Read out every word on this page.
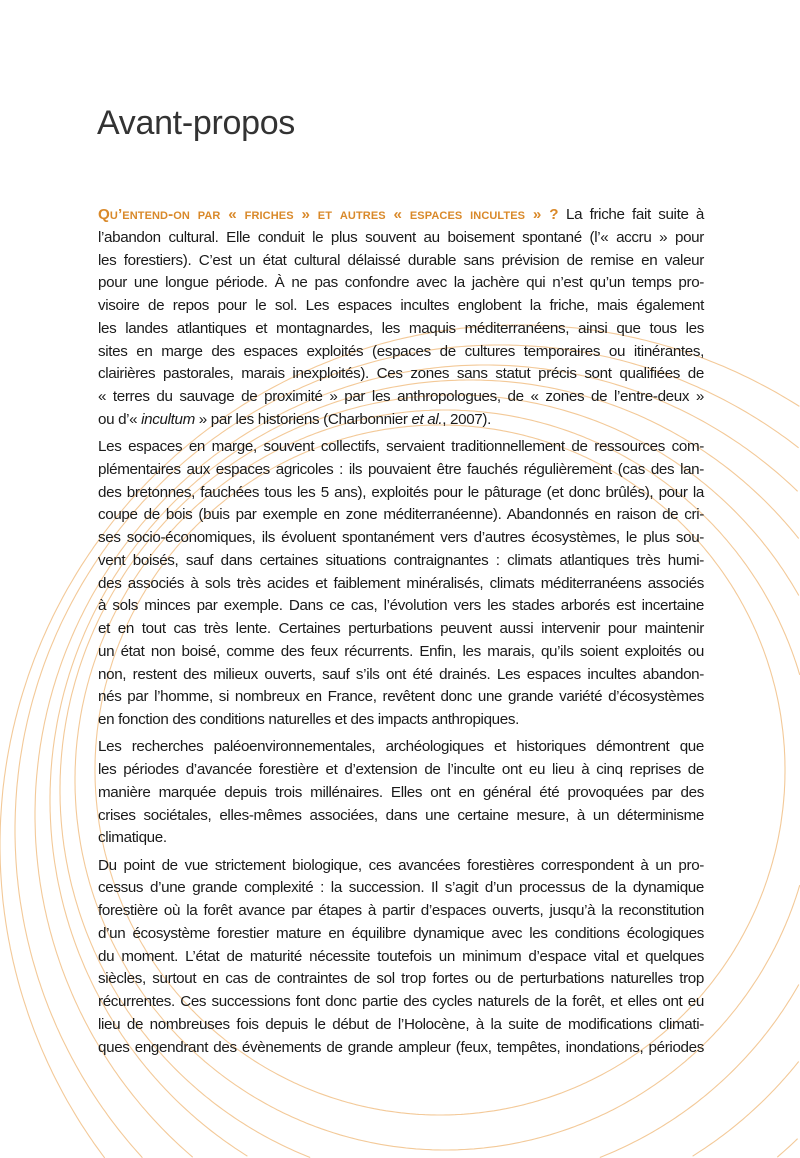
Avant-propos
Qu’entend-on par « friches » et autres « espaces incultes » ? La friche fait suite à
l’abandon cultural. Elle conduit le plus souvent au boisement spontané (l’« accru » pour
les forestiers). C’est un état cultural délaissé durable sans prévision de remise en valeur
pour une longue période. À ne pas confondre avec la jachère qui n’est qu’un temps pro-
visoire de repos pour le sol. Les espaces incultes englobent la friche, mais également
les landes atlantiques et montagnardes, les maquis méditerranéens, ainsi que tous les
sites en marge des espaces exploités (espaces de cultures temporaires ou itinérantes,
clairières pastorales, marais inexploités). Ces zones sans statut précis sont qualifiées de
« terres du sauvage de proximité » par les anthropologues, de « zones de l’entre-deux »
ou d’« incultum » par les historiens (Charbonnier et al., 2007).
Les espaces en marge, souvent collectifs, servaient traditionnellement de ressources com-
plémentaires aux espaces agricoles : ils pouvaient être fauchés régulièrement (cas des lan-
des bretonnes, fauchées tous les 5 ans), exploités pour le pâturage (et donc brûlés), pour la
coupe de bois (buis par exemple en zone méditerranéenne). Abandonnés en raison de cri-
ses socio-économiques, ils évoluent spontanément vers d’autres écosystèmes, le plus sou-
vent boisés, sauf dans certaines situations contraignantes : climats atlantiques très humi-
des associés à sols très acides et faiblement minéralisés, climats méditerranéens associés
à sols minces par exemple. Dans ce cas, l’évolution vers les stades arborés est incertaine
et en tout cas très lente. Certaines perturbations peuvent aussi intervenir pour maintenir
un état non boisé, comme des feux récurrents. Enfin, les marais, qu’ils soient exploités ou
non, restent des milieux ouverts, sauf s’ils ont été drainés. Les espaces incultes abandon-
nés par l’homme, si nombreux en France, revêtent donc une grande variété d’écosystèmes
en fonction des conditions naturelles et des impacts anthropiques.
Les recherches paléoenvironnementales, archéologiques et historiques démontrent que
les périodes d’avancée forestière et d’extension de l’inculte ont eu lieu à cinq reprises de
manière marquée depuis trois millénaires. Elles ont en général été provoquées par des
crises sociétales, elles-mêmes associées, dans une certaine mesure, à un déterminisme
climatique.
Du point de vue strictement biologique, ces avancées forestières correspondent à un pro-
cessus d’une grande complexité : la succession. Il s’agit d’un processus de la dynamique
forestière où la forêt avance par étapes à partir d’espaces ouverts, jusqu’à la reconstitution
d’un écosystème forestier mature en équilibre dynamique avec les conditions écologiques
du moment. L’état de maturité nécessite toutefois un minimum d’espace vital et quelques
siècles, surtout en cas de contraintes de sol trop fortes ou de perturbations naturelles trop
récurrentes. Ces successions font donc partie des cycles naturels de la forêt, et elles ont eu
lieu de nombreuses fois depuis le début de l’Holocène, à la suite de modifications climati-
ques engendrant des évènements de grande ampleur (feux, tempêtes, inondations, périodes
